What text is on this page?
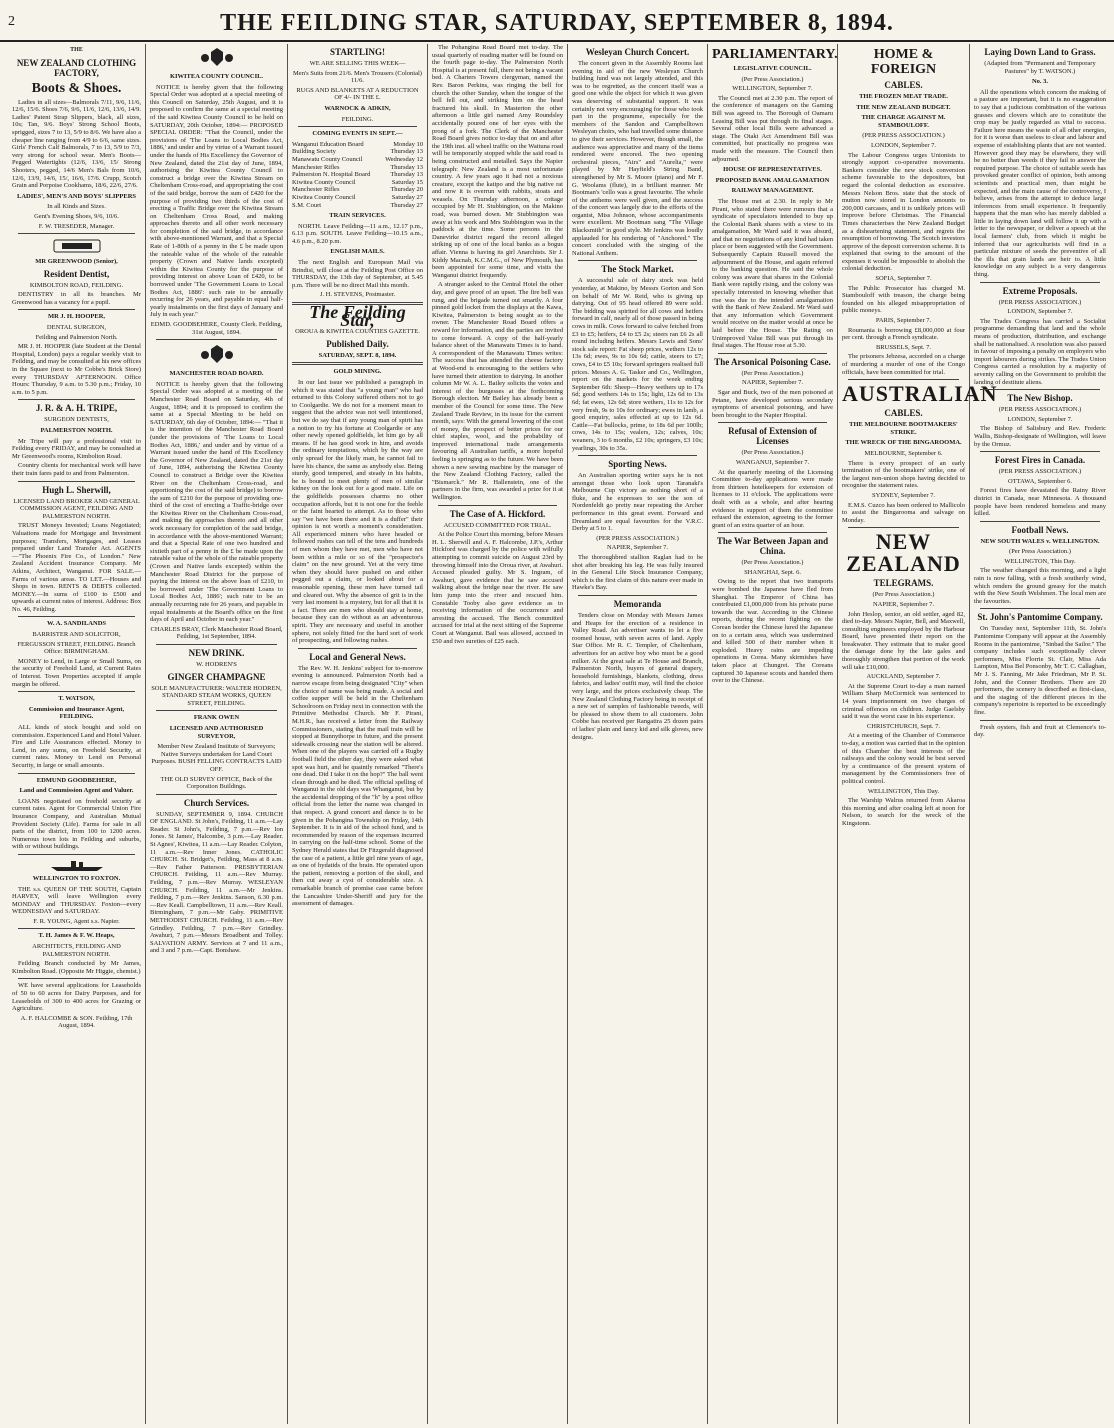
2	THE FEILDING STAR, SATURDAY, SEPTEMBER 8, 1894.
THE
NEW ZEALAND CLOTHING FACTORY,
Boots & Shoes.

Ladies in all sizes—Balmorals 7/11, 9/6, 11/6, 12/6, 15/6. Shoes 7/6, 9/6, 11/6, 12/6, 13/6, 14/9. Ladies' Patent Strap Slippers, black, all sizes, 10s; Tan, 9/6. Boys' Strong School Boots, sprigged, sizes 7 to 13, 5/9 to 8/6. We have also a cheaper line ranging from 4/9 to 6/6, same sizes. Girls' French Calf Balmorals, 7 to 13, 5/9 to 7/3, very strong for school wear. Men's Boots—Pegged Watertights (12/6, 13/6, 15/ Strong Shooters, pegged, 14/6 Men's Bals from 10/6, 12/6, 13/9, 14/6, 15/, 16/6, 17/6. Crupp, Scotch Grain and Porpoise Cookhams, 18/6, 22/6, 27/6.

LADIES', MEN'S AND BOYS' SLIPPERS
In all Kinds and Sizes.
Gent's Evening Shoes, 9/6, 10/6.
F. W. TRESEDER, Manager.
MR GREENWOOD (Senior),
Resident Dentist,
KIMBOLTON ROAD, FEILDING.

DENTISTRY in all its branches. Mr Greenwood has a vacancy for a pupil.

MR J. H. HOOPER,
DENTAL SURGEON,
Feilding and Palmerston North.

MR J. H. HOOPER (late Student at the Dental Hospital, London) pays a regular weekly visit to Feilding, and may be consulted at his new offices in the Square (next to Mr Cobbe's Brick Store) every THURSDAY AFTERNOON. Office Hours: Thursday, 9 a.m. to 5.30 p.m.; Friday, 10 a.m. to 5 p.m.

J. R. & A. H. TRIPE,
SURGEON DENTISTS,
PALMERSTON NORTH.

Mr Tripe will pay a professional visit to Feilding every FRIDAY, and may be consulted at Mr Greenwood's rooms, Kimbolton Road.

Country clients for mechanical work will have their train fares paid to and from Palmerston.

Hugh L. Sherwill,
LICENSED LAND BROKER AND GENERAL COMMISSION AGENT, FEILDING AND PALMERSTON NORTH.

TRUST Moneys Invested; Loans Negotiated; Valuations made for Mortgage and Investment purposes; Transfers, Mortgages, and Leases prepared under Land Transfer Act. AGENTS—"The Phoenix Fire Co., of London." New Zealand Accident Insurance Company. Mr Atkins, Architect, Wanganui. FOR SALE.—Farms of various areas. TO LET.—Houses and Shops in town. RENTS & DEBTS collected. MONEY.—In sums of £100 to £500 and upwards at current rates of interest. Address: Box No. 46, Feilding.

W. A. SANDILANDS
BARRISTER AND SOLICITOR,
FERGUSSON STREET, FEILDING. Branch Office: BIRMINGHAM.

MONEY to Lend, in Large or Small Sums, on the security of Freehold Land, at Current Rates of Interest. Town Properties accepted if ample margin be offered.

T. WATSON,
Commission and Insurance Agent, FEILDING.

ALL kinds of stock bought and sold on commission. Experienced Land and Hotel Valuer. Fire and Life Assurances effected. Money to Lend, in any sums, on Freehold Security, at current rates. Money to Lend on Personal Security, in large or small amounts.

EDMUND GOODBEHERE,
Land and Commission Agent and Valuer.

LOANS negotiated on freehold security at current rates. Agent for Commercial Union Fire Insurance Company, and Australian Mutual Provident Society (Life). Farms for sale in all parts of the district, from 100 to 1200 acres. Numerous town lots in Feilding and suburbs, with or without buildings.

WELLINGTON TO FOXTON.

THE s.s. QUEEN OF THE SOUTH, Captain HARVEY, will leave Wellington every MONDAY and THURSDAY. Foxton—every WEDNESDAY and SATURDAY.

F. R. YOUNG, Agent s.s. Napier.
T. H. James & F. W. Heaps,
ARCHITECTS, FEILDING AND PALMERSTON NORTH.

Feilding Branch conducted by Mr James, Kimbolton Road. (Opposite Mr Higgie, chemist.)

WE have several applications for Leaseholds of 50 to 60 acres for Dairy Purposes, and for Leaseholds of 300 to 400 acres for Grazing or Agriculture.

A. F. HALCOMBE & SON. Feilding, 17th August, 1894.
KIWITEA COUNTY COUNCIL.

NOTICE is hereby given that the following Special Order was adopted at a special meeting of this Council on Saturday, 25th August, and it is proposed to confirm the same at a special meeting of the said Kiwitea County Council to be held on SATURDAY, 20th October, 1894:— PROPOSED SPECIAL ORDER: "That the Council, under the provisions of 'The Loans to Local Bodies Act, 1886,' and under and by virtue of a Warrant issued under the hands of His Excellency the Governor of New Zealand, dated the 21st day of June, 1894, authorising the Kiwitea County Council to construct a bridge over the Kiwitea Stream on Cheltenham Cross-road, and appropriating the cost of the said bridge, borrow the sum of £420 for the purpose of providing two thirds of the cost of erecting a Traffic Bridge over the Kiwitea Stream on Cheltenham Cross Road, and making approaches thereto and all other work necessary for completion of the said bridge, in accordance with above-mentioned Warrant, and that a Special Rate of 1-80th of a penny in the £ be made upon the rateable value of the whole of the rateable property (Crown and Native lands excepted) within the Kiwitea County for the purpose of providing interest on above Loan of £420, to be borrowed under 'The Government Loans to Local Bodies Act, 1886': such rate to be annually recurring for 26 years, and payable in equal half-yearly instalments on the first days of January and July in each year."

EDMD. GOODBEHERE, County Clerk. Feilding, 31st August, 1894.
MANCHESTER ROAD BOARD.

NOTICE is hereby given that the following Special Order was adopted at a meeting of the Manchester Road Board on Saturday, 4th of August, 1894; and it is proposed to confirm the same at a Special Meeting to be held on SATURDAY, 6th day of October, 1894:— "That it is the intention of the Manchester Road Board (under the provisions of 'The Loans to Local Bodies Act, 1886,' and under and by virtue of a Warrant issued under the hand of His Excellency the Governor of New Zealand, dated the 21st day of June, 1894, authorising the Kiwitea County Council to construct a Bridge over the Kiwitea River on the Cheltenham Cross-road, and apportioning the cost of the said bridge) to borrow the sum of £210 for the purpose of providing one-third of the cost of erecting a Traffic-bridge over the Kiwitea River on the Cheltenham Cross-road, and making the approaches thereto and all other work necessary for completion of the said bridge, in accordance with the above-mentioned Warrant; and that a Special Rate of one two hundred and sixtieth part of a penny in the £ be made upon the rateable value of the whole of the rateable property (Crown and Native lands excepted) within the Manchester Road District for the purpose of paying the interest on the above loan of £210, to be borrowed under 'The Government Loans to Local Bodies Act, 1886'; such rate to be an annually recurring rate for 26 years, and payable in equal instalments at the Board's office on the first days of April and October in each year."

CHARLES BRAY, Clerk Manchester Road Board, Feilding, 1st September, 1894.
NEW DRINK.
W. HODREN'S
GINGER CHAMPAGNE
SOLE MANUFACTURER: WALTER HODREN, STANDARD STEAM WORKS, QUEEN STREET, FEILDING.
FRANK OWEN
LICENSED AND AUTHORISED SURVEYOR,
Member New Zealand Institute of Surveyors; Native Surveys undertaken for Land Court Purposes. BUSH FELLING CONTRACTS LAID OFF.
THE OLD SURVEY OFFICE, Back of the Corporation Buildings.
Church Services.

SUNDAY, SEPTEMBER 9, 1894. CHURCH OF ENGLAND. St John's, Feilding, 11 a.m.—Lay Reader. St John's, Feilding, 7 p.m.—Rev Ion Jones. St James', Halcombe, 3 p.m.—Lay Reader. St Agnes', Kiwitea, 11 a.m.—Lay Reader. Colyton, 11 a.m.—Rev Inner Jones. CATHOLIC CHURCH. St. Bridget's, Feilding, Mass at 8 a.m.—Rev Father Patterson. PRESBYTERIAN CHURCH. Feilding, 11 a.m.—Rev Murray. Feilding, 7 p.m.—Rev Murray. WESLEYAN CHURCH. Feilding, 11 a.m.—Mr Jenkins. Feilding, 7 p.m.—Rev Jenkins. Sanson, 6.30 p.m.—Rev Keall. Campbelltown, 11 a.m.—Rev Keall. Birmingham, 7 p.m.—Mr Gaby. PRIMITIVE METHODIST CHURCH. Feilding, 11 a.m.—Rev Grindley. Feilding, 7 p.m.—Rev Grindley. Awahuri, 7 p.m.—Messrs Broadbent and Tolley. SALVATION ARMY. Services at 7 and 11 a.m., and 3 and 7 p.m.—Capt. Bonshaw.

STARTLING!
WE ARE SELLING THIS WEEK—
Men's Suits from 21/6. Men's Trousers (Colonial) 11/6.
RUGS AND BLANKETS AT A REDUCTION OF 4/- IN THE £.
WARNOCK & ADKIN,
FEILDING.
COMING EVENTS IN SEPT.—
Wanganui Education Board	Monday 10
Building Society	Thursday 13
Manawatu County Council	Wednesday 12
Manchester Rifles	Thursday 13
Palmerston N. Hospital Board	Thursday 13
Kiwitea County Council	Saturday 15
Manchester Rifles	Thursday 20
Kiwitea County Council	Saturday 27
S.M. Court	Thursday 27
TRAIN SERVICES.

NORTH. Leave Feilding—11 a.m., 12.17 p.m., 6.13 p.m. SOUTH. Leave Feilding—10.15 a.m., 4.6 p.m., 8.20 p.m.

ENGLISH MAILS.

The next English and European Mail via Brindisi, will close at the Feilding Post Office on THURSDAY, the 13th day of September, at 5.45 p.m. There will be no direct Mail this month.

J. H. STEVENS, Postmaster.
The Feilding Star,
OROUA & KIWITEA COUNTIES GAZETTE.
Published Daily.
SATURDAY, SEPT. 8, 1894.
GOLD MINING.

In our last issue we published a paragraph in which it was stated that "a young man" who had returned to this Colony suffered others not to go to Coolgardie. We do not for a moment mean to suggest that the advice was not well intentioned, but we do say that if any young man of spirit has a notion to try his fortune at Coolgardie or any other newly opened goldfields, let him go by all means. If he has good work in him, and avoids the ordinary temptations, which by the way are only spread for the likely man, he cannot fail to have his chance, the same as anybody else. Being sturdy, good tempered, and steady in his habits, he is bound to meet plenty of men of similar kidney on the look out for a good mate. Life on the goldfields possesses charms no other occupation affords, but it is not one for the feeble or the faint hearted to attempt. As to those who say "we have been there and it is a duffer" their opinion is not worth a moment's consideration. All experienced miners who have headed or followed rushes can tell of the tens and hundreds of men whom they have met, men who have not been within a mile or so of the "prospector's claim" on the new ground. Yet at the very time when they should have pushed on and either pegged out a claim, or looked about for a reasonable opening, these men have turned tail and cleared out. Why the absence of grit is in the very last moment is a mystery, but for all that it is a fact. There are men who should stay at home, because they can do without as an adventurous spirit. They are necessary and useful in another sphere, not solely fitted for the hard sort of work of prospecting, and following rushes.

Local and General News.

The Rev. W. H. Jenkins' subject for to-morrow evening is announced. Palmerston North had a narrow escape from being designated "City" when the choice of name was being made. A social and coffee supper will be held in the Cheltenham Schoolroom on Friday next in connection with the Primitive Methodist Church. Mr F. Pirani, M.H.R., has received a letter from the Railway Commissioners, stating that the mail train will be stopped at Bunnythorpe in future, and the present sidewalk crossing near the station will be altered. When one of the players was carried off a Rugby football field the other day, they were asked what spot was hurt, and he quaintly remarked "There's one dead. Did I take it on the hop?" The ball went clean through and he died. The official spelling of Wanganui in the old days was Whanganui, but by the accidental dropping of the "h" by a post office official from the letter the name was changed in that respect. A grand concert and dance is to be given in the Pohangina Township on Friday, 14th September. It is in aid of the school fund, and is recommended by reason of the expenses incurred in carrying on the half-time school. Some of the Sydney Herald states that Dr Fitzgerald diagnosed the case of a patient, a little girl nine years of age, as one of hydatids of the brain. He operated upon the patient, removing a portion of the skull, and then cut away a cyst of considerable size. A remarkable branch of promise case came before the Lancashire Under-Sheriff and jury for the assessment of damages.

The Pohangina Road Board met to-day. The usual quarterly of reading matter will be found on the fourth page to-day. The Palmerston North Hospital is at present full, there not being a vacant bed. A Charters Towers clergyman, named the Rev. Baron Perkins, was ringing the bell for church the other Sunday, when the tongue of the bell fell out, and striking him on the head fractured his skull. In Masterton the other afternoon a little girl named Amy Roundsley accidentally poured one of her eyes with the prong of a fork. The Clerk of the Manchester Road Board gives notice to-day that on and after the 19th inst. all wheel traffic on the Waituna road will be temporarily stopped while the said road is being constructed and metalled. Says the Napier telegraph: New Zealand is a most unfortunate country. A few years ago it had not a noxious creature, except the katipo and the big native rat and now it is overrun with rabbits, stoats and weasels. On Thursday afternoon, a cottage occupied by Mr H. Stubbington, on the Makino road, was burned down. Mr Stubbington was away at his work and Mrs Stubbington was in the paddock at the time. Some persons in the Danevirke district regard the record alleged striking up of one of the local banks as a bogus affair. Vienna is having its girl Anarchists. Sir J. Kiddy Macnab, K.C.M.G., of New Plymouth, has been appointed for some time, and visits the Wanganui district frequently.

A stranger asked to the Central Hotel the other day, and gave proof of an upset. The fire bell was rung, and the brigade turned out smartly. A four pinned gold locket from the displays at the Kawa, Kiwitea, Palmerston is being sought as to the owner. The Manchester Road Board offers a reward for information, and the parties are invited to come forward. A copy of the half-yearly balance sheet of the Manawatu Times is to hand. A correspondent of the Manawatu Times writes: The success that has attended the cheese factory at Wood-end is encouraging to the settlers who have turned their attention to dairying. In another column Mr W. A. L. Bailey solicits the votes and interest of the burgesses at the forthcoming Borough election. Mr Bailey has already been a member of the Council for some time. The New Zealand Trade Review, in its issue for the current month, says: With the general lowering of the cost of money, the prospect of better prices for our chief staples, wool, and the probability of improved international trade arrangements favouring all Australian tariffs, a more hopeful feeling is springing as to the future. We have been shown a new sewing machine by the manager of the New Zealand Clothing Factory, called the "Bismarck." Mr R. Hallenstein, one of the partners in the firm, was awarded a prize for it at Wellington.

The Case of A. Hickford.
ACCUSED COMMITTED FOR TRIAL.

At the Police Court this morning, before Messrs H. L. Sherwill and A. F. Halcombe, J.P.'s, Arthur Hickford was charged by the police with wilfully attempting to commit suicide on August 23rd by throwing himself into the Oroua river, at Awahuri. Accused pleaded guilty. Mr S. Ingram, of Awahuri, gave evidence that he saw accused walking about the bridge near the river. He saw him jump into the river and rescued him. Constable Tooby also gave evidence as to receiving information of the occurrence and arresting the accused. The Bench committed accused for trial at the next sitting of the Supreme Court at Wanganui. Bail was allowed, accused in £50 and two sureties of £25 each.

Wesleyan Church Concert.

The concert given in the Assembly Rooms last evening in aid of the new Wesleyan Church building fund was not largely attended, and this was to be regretted, as the concert itself was a good one while the object for which it was given was deserving of substantial support. It was certainly not very encouraging for those who took part in the programme, especially for the members of the Sandon and Campbelltown Wesleyan choirs, who had travelled some distance to give their services. However, though small, the audience was appreciative and many of the items rendered were encored. The two opening orchestral pieces, "Airs" and "Aurelia," were played by Mr Hayfield's String Band, strengthened by Mr S. Moore (piano) and Mr F. G. Woolams (flute), in a brilliant manner. Mr Bootman's 'cello was a great favourite. The whole of the anthems were well given, and the success of the concert was largely due to the efforts of the organist, Miss Johnson, whose accompaniments were excellent. Mr Bootman sang "The Village Blacksmith" in good style. Mr Jenkins was loudly applauded for his rendering of "Anchored." The concert concluded with the singing of the National Anthem.

The Stock Market.

A successful sale of dairy stock was held yesterday, at Makino, by Messrs Gorton and Son on behalf of Mr W. Reid, who is giving up dairying. Out of 95 head offered 89 were sold. The bidding was spirited for all cows and heifers forward in calf, nearly all of those passed in being cows in milk. Cows forward to calve fetched from £3 to £5; heifers, £4 to £5 2s; steers ran £6 2s all round including heifers. Messrs Lewis and Sons' stock sale report: Fat sheep prices, wethers 12s to 13s 6d; ewes, 9s to 10s 6d; cattle, steers to £7; cows, £4 to £5 10s; forward springers realised full prices. Messrs A. G. Tasker and Co., Wellington, report on the markets for the week ending September 6th: Sheep—Heavy wethers up to 17s 6d; good wethers 14s to 15s; light, 12s 6d to 13s 6d; fat ewes, 12s 6d; store wethers, 11s to 12s for very fresh, 9s to 10s for ordinary; ewes in lamb, a good enquiry, sales effected at up to 12s 6d. Cattle—Fat bullocks, prime, to 18s 6d per 100lb; cows, 14s to 15s; vealers, 12s; calves, 10s; weaners, 3 to 6 months, £2 10s; springers, £3 10s; yearlings, 30s to 35s.

Sporting News.

An Australian sporting writer says he is not amongst those who look upon Taranaki's Melbourne Cup victory as nothing short of a fluke, and he expresses to see the son of Nordenfeldt go pretty near repeating the Archer performance in this great event. Forward and Dreamland are equal favourites for the V.R.C. Derby at 5 to 1.

(PER PRESS ASSOCIATION.)
NAPIER, September 7.

The thoroughbred stallion Raglan had to be shot after breaking his leg. He was fully insured in the General Life Stock Insurance Company, which is the first claim of this nature ever made in Hawke's Bay.

Memoranda

Tenders close on Monday with Messrs James and Heaps for the erection of a residence in Valley Road. An advertiser wants to let a five roomed house, with seven acres of land. Apply Star Office. Mr R. C. Templer, of Cheltenham, advertises for an active boy who must be a good milker. At the great sale at Te House and Branch, Palmerston North, buyers of general drapery, household furnishings, blankets, clothing, dress fabrics, and ladies' outfit may, will find the choice very large, and the prices exclusively cheap. The New Zealand Clothing Factory being in receipt of a new set of samples of fashionable tweeds, will be pleased to show them to all customers. John Cobbe has received per Rangatira 25 dozen pairs of ladies' plain and fancy kid and silk gloves, new designs.

PARLIAMENTARY.
LEGISLATIVE COUNCIL.
(Per Press Association.)
WELLINGTON, September 7.

The Council met at 2.30 p.m. The report of the conference of managers on the Gaming Bill was agreed to. The Borough of Oamaru Leasing Bill was put through its final stages. Several other local Bills were advanced a stage. The Otaki Act Amendment Bill was committed, but practically no progress was made with the measure. The Council then adjourned.

HOUSE OF REPRESENTATIVES.
PROPOSED BANK AMALGAMATION
RAILWAY MANAGEMENT.

The House met at 2.30. In reply to Mr Pirani, who stated there were rumours that a syndicate of speculators intended to buy up the Colonial Bank shares with a view to its amalgamation, Mr Ward said it was absurd, and that no negotiations of any kind had taken place or been suggested with the Government. Subsequently Captain Russell moved the adjournment of the House, and again referred to the banking question. He said the whole colony was aware that shares in the Colonial Bank were rapidly rising, and the colony was specially interested in knowing whether that rise was due to the intended amalgamation with the Bank of New Zealand. Mr Ward said that any information which Government would receive on the matter would at once be laid before the House. The Rating on Unimproved Value Bill was put through its final stages. The House rose at 5.30.

The Arsonical Poisoning Case.
(Per Press Association.)
NAPIER, September 7.

Sgar and Buck, two of the men poisoned at Petane, have developed serious secondary symptoms of arsenical poisoning, and have been brought to the Napier Hospital.

Refusal of Extension of Licenses
(Per Press Association.)
WANGANUI, September 7.

At the quarterly meeting of the Licensing Committee to-day applications were made from thirteen hotelkeepers for extension of licenses to 11 o'clock. The applications were dealt with as a whole, and after hearing evidence in support of them the committee refused the extension, agreeing to the former grant of an extra quarter of an hour.

The War Between Japan and China.
(Per Press Association.)
SHANGHAI, Sept. 6.

Owing to the report that two transports were bombed the Japanese have fled from Shanghai. The Emperor of China has contributed £1,000,000 from his private purse towards the war. According to the Chinese reports, during the recent fighting on the Corean border the Chinese lured the Japanese on to a certain area, which was undermined and killed 500 of their number when it exploded. Heavy rains are impeding operations in Corea. Many skirmishes have taken place at Chungrei. The Coreans captured 30 Japanese scouts and handed them over to the Chinese.

HOME & FOREIGN
CABLES.
THE FROZEN MEAT TRADE.
THE NEW ZEALAND BUDGET.
THE CHARGE AGAINST M. STAMBOULOFF.
(PER PRESS ASSOCIATION.)
LONDON, September 7.

The Labour Congress urges Unionists to strongly support co-operative movements. Bankers consider the new stock conversion scheme favourable to the depositors, but regard the colonial deduction as excessive. Messrs Nelson Bros. state that the stock of mutton now stored in London amounts to 200,000 carcases, and it is unlikely prices will improve before Christmas. The Financial Times characterises the New Zealand Budget as a disheartening statement, and regrets the resumption of borrowing. The Scotch investors approve of the deposit conversion scheme. It is explained that owing to the amount of the expenses it would be impossible to abolish the colonial deduction.

SOFIA, September 7.

The Public Prosecutor has charged M. Stambouloff with treason, the charge being founded on his alleged misappropriation of public moneys.

PARIS, September 7.

Roumania is borrowing £8,000,000 at four per cent. through a French syndicate.

BRUSSELS, Sept. 7.

The prisoners Jebzesa, accorded on a charge of murdering a murder of one of the Congo officials, have been committed for trial.

AUSTRALIAN
CABLES.
THE MELBOURNE BOOTMAKERS' STRIKE.
THE WRECK OF THE BINGAROOMA.
MELBOURNE, September 6.

There is every prospect of an early termination of the bootmakers' strike, one of the largest non-union shops having decided to recognise the statement rates.

SYDNEY, September 7.

E.M.S. Cuzco has been ordered to Mallicolo to assist the Bingarooma and salvage on Monday.

NEW ZEALAND
TELEGRAMS.
(Per Press Association.)
NAPIER, September 7.

John Heslop, senior, an old settler, aged 82, died to-day. Messrs Napier, Bell, and Maxwell, consulting engineers employed by the Harbour Board, have presented their report on the breakwater. They estimate that to make good the damage done by the late gales and thoroughly strengthen that portion of the work will take £10,000.

AUCKLAND, September 7.

At the Supreme Court to-day a man named William Sharp McCormick was sentenced to 14 years imprisonment on two charges of criminal offences on children. Judge Gaelsby said it was the worst case in his experience.

CHRISTCHURCH, Sept. 7.

At a meeting of the Chamber of Commerce to-day, a motion was carried that in the opinion of this Chamber the best interests of the railways and the colony would be best served by a continuance of the present system of management by the Commissioners free of political control.

WELLINGTON, This Day.

The Warship Walrus returned from Akaroa this morning and after coaling left at noon for Nelson, to search for the wreck of the Kingstonn.

Laying Down Land to Grass.
(Adapted from "Permanent and Temporary Pastures" by T. WATSON.)
No. 3.

All the operations which concern the making of a pasture are important, but it is no exaggeration to say that a judicious combination of the various grasses and clovers which are to constitute the crop may be justly regarded as vital to success. Failure here means the waste of all other energies, for it is worse than useless to clear and labour and expense of establishing plants that are not wanted. However good they may be elsewhere, they will be no better than weeds if they fail to answer the required purpose. The choice of suitable seeds has provoked greater conflict of opinion, both among scientists and practical men, than might be expected, and the main cause of the controversy, I believe, arises from the attempt to deduce large inferences from small experience. It frequently happens that the man who has merely dabbled a little in laying down land will follow it up with a letter to the newspaper, or deliver a speech at the local farmers' club, from which it might be inferred that our agriculturists will find in a particular mixture of seeds the preventive of all the ills that grain lands are heir to. A little knowledge on any subject is a very dangerous thing.

Extreme Proposals.
(PER PRESS ASSOCIATION.)
LONDON, September 7.

The Trades Congress has carried a Socialist programme demanding that land and the whole means of production, distribution, and exchange shall be nationalised. A resolution was also passed in favour of imposing a penalty on employers who import labourers during strikes. The Trades Union Congress carried a resolution by a majority of seventy calling on the Government to prohibit the landing of destitute aliens.

The New Bishop.
(PER PRESS ASSOCIATION.)
LONDON, September 7.

The Bishop of Salisbury and Rev. Frederic Wallis, Bishop-designate of Wellington, will leave by the Ormuz.

Forest Fires in Canada.
(PER PRESS ASSOCIATION.)
OTTAWA, September 6.

Forest fires have devastated the Rainy River district in Canada, near Minnesota. A thousand people have been rendered homeless and many killed.

Football News.
NEW SOUTH WALES v. WELLINGTON.
(Per Press Association.)
WELLINGTON, This Day.

The weather changed this morning, and a light rain is now falling, with a fresh southerly wind, which renders the ground greasy for the match with the New South Welshmen. The local men are the favourites.

St. John's Pantomime Company.

On Tuesday next, September 11th, St. John's Pantomime Company will appear at the Assembly Rooms in the pantomime, "Sinbad the Sailor." The company includes such exceptionally clever performers, Miss Florrie St. Clair, Miss Ada Lampton, Miss Bel Ponsonby, Mr T. C. Callaghan, Mr J. S. Fanning, Mr Jake Friedman, Mr P. St. John, and the Conner Brothers. There are 20 performers, the scenery is described as first-class, and the staging of the different pieces in the company's repertoire is reported to be exceedingly fine.

Fresh oysters, fish and fruit at Clemence's to-day.
